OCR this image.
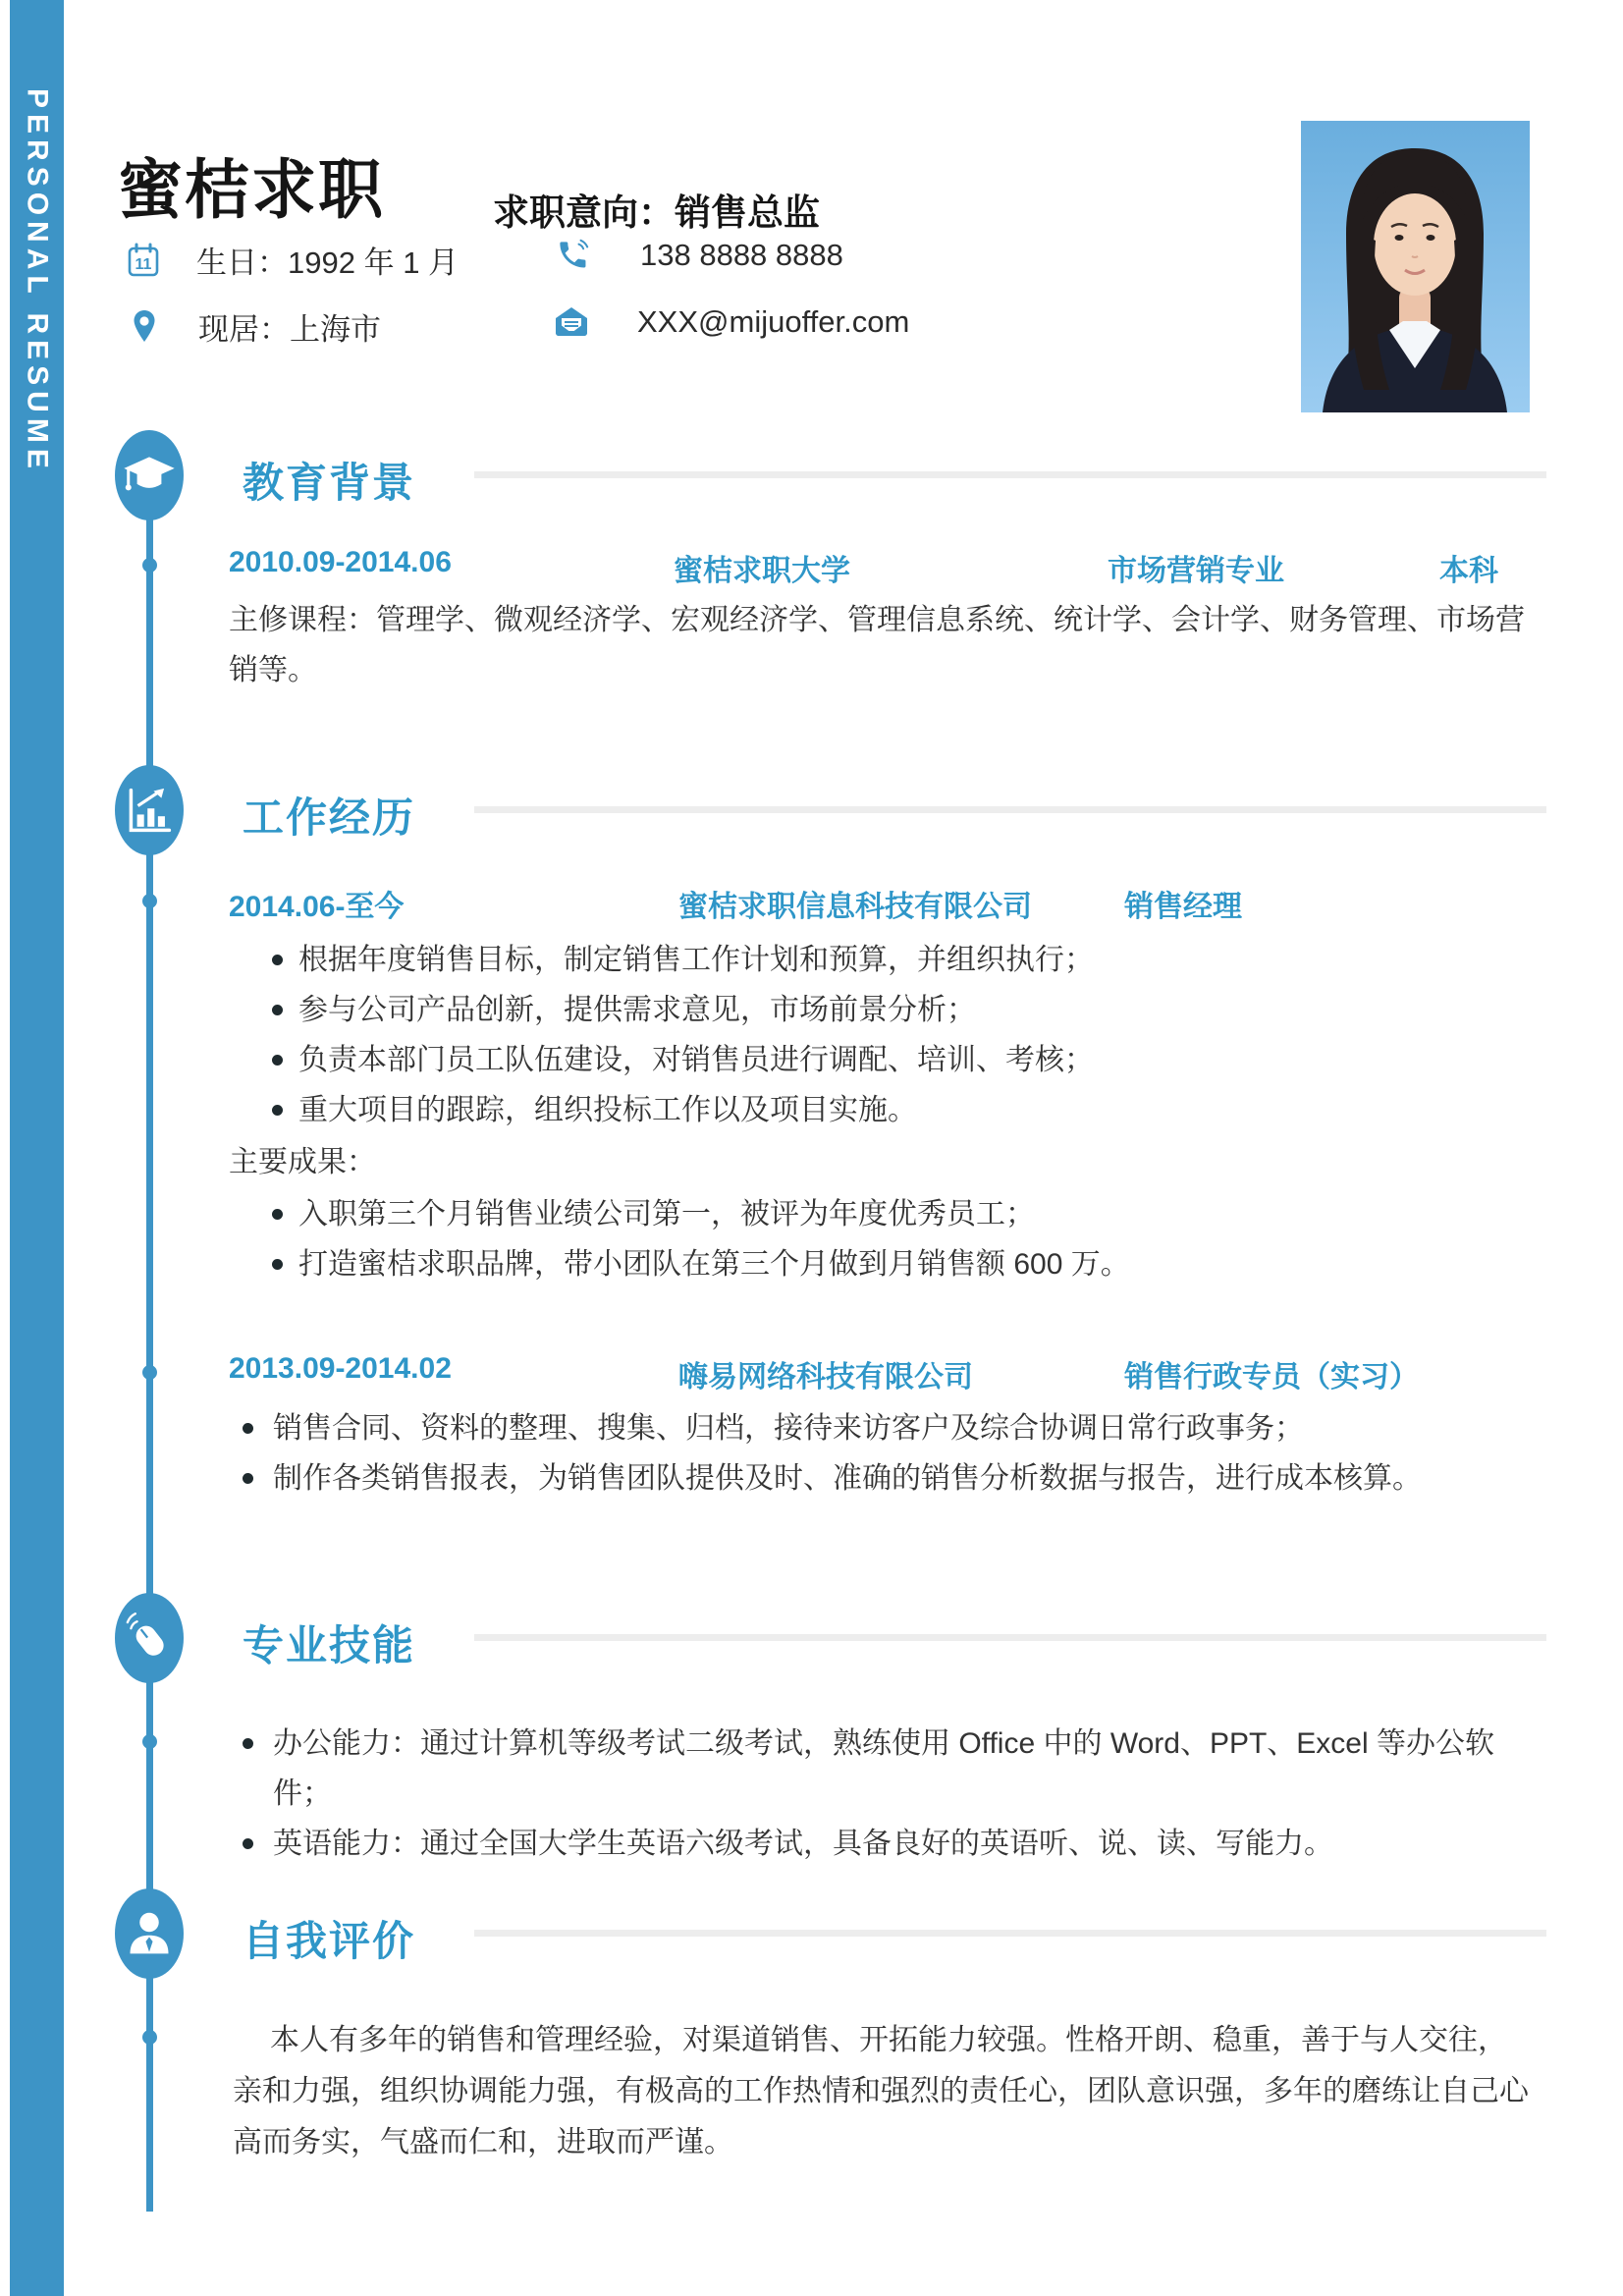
PERSONAL RESUME 蜜桔求职	求职意向：销售总监
11 生日：1992 年 1 月	138 8888 8888
现居：上海市	XXX@mijuoffer.com
教育背景
2010.09-2014.06	蜜桔求职大学	市场营销专业	本科

主修课程：管理学、微观经济学、宏观经济学、管理信息系统、统计学、会计学、财务管理、市场营销等。

工作经历
2014.06-至今	蜜桔求职信息科技有限公司	销售经理
根据年度销售目标，制定销售工作计划和预算，并组织执行；
参与公司产品创新，提供需求意见，市场前景分析；
负责本部门员工队伍建设，对销售员进行调配、培训、考核；
重大项目的跟踪，组织投标工作以及项目实施。
主要成果：
入职第三个月销售业绩公司第一，被评为年度优秀员工；
打造蜜桔求职品牌，带小团队在第三个月做到月销售额 600 万。
2013.09-2014.02	嗨易网络科技有限公司	销售行政专员（实习）
销售合同、资料的整理、搜集、归档，接待来访客户及综合协调日常行政事务；
制作各类销售报表，为销售团队提供及时、准确的销售分析数据与报告，进行成本核算。
专业技能
办公能力：通过计算机等级考试二级考试，熟练使用 Office 中的 Word、PPT、Excel 等办公软件；
英语能力：通过全国大学生英语六级考试，具备良好的英语听、说、读、写能力。
自我评价

本人有多年的销售和管理经验，对渠道销售、开拓能力较强。性格开朗、稳重，善于与人交往，亲和力强，组织协调能力强，有极高的工作热情和强烈的责任心，团队意识强，多年的磨练让自己心高而务实，气盛而仁和，进取而严谨。
